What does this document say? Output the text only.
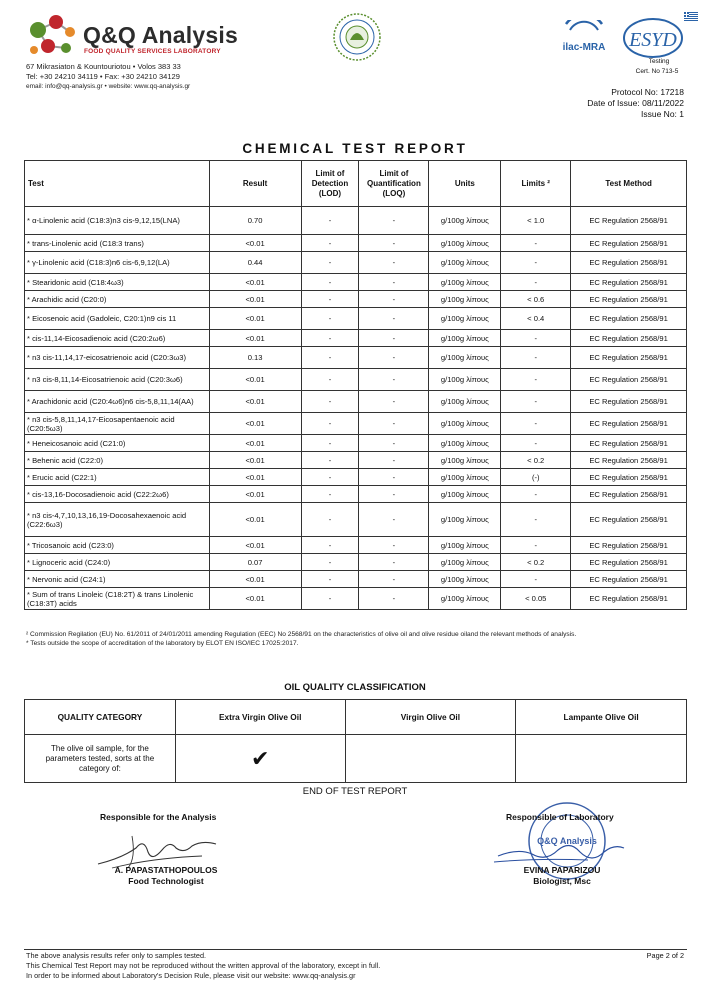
Q&Q Analysis
FOOD QUALITY SERVICES LABORATORY
67 Mikrasiaton & Kountouriotou • Volos 383 33
Tel: +30 24210 34119 • Fax: +30 24210 34129
email: info@qq-analysis.gr • website: www.qq-analysis.gr
ilac-MRA ESYD
Testing
Cert. No 713-5
Protocol No: 17218
Date of Issue: 08/11/2022
Issue No: 1
CHEMICAL TEST REPORT
Test	Result	Limit of Detection (LOD)	Limit of Quantification (LOQ)	Units	Limits ²	Test Method
* α-Linolenic acid (C18:3)n3 cis-9,12,15(LNA)	0.70	-	-	g/100g λίπους	< 1.0	EC Regulation 2568/91
* trans-Linolenic acid (C18:3 trans)	<0.01	-	-	g/100g λίπους	-	EC Regulation 2568/91
* γ-Linolenic acid (C18:3)n6 cis-6,9,12(LA)	0.44	-	-	g/100g λίπους	-	EC Regulation 2568/91
* Stearidonic acid (C18:4ω3)	<0.01	-	-	g/100g λίπους	-	EC Regulation 2568/91
* Arachidic acid (C20:0)	<0.01	-	-	g/100g λίπους	< 0.6	EC Regulation 2568/91
* Eicosenoic acid (Gadoleic, C20:1)n9 cis 11	<0.01	-	-	g/100g λίπους	< 0.4	EC Regulation 2568/91
* cis-11,14-Eicosadienoic acid (C20:2ω6)	<0.01	-	-	g/100g λίπους	-	EC Regulation 2568/91
* n3 cis-11,14,17-eicosatrienoic acid (C20:3ω3)	0.13	-	-	g/100g λίπους	-	EC Regulation 2568/91
* n3 cis-8,11,14-Eicosatrienoic acid (C20:3ω6)	<0.01	-	-	g/100g λίπους	-	EC Regulation 2568/91
* Arachidonic acid (C20:4ω6)n6 cis-5,8,11,14(AA)	<0.01	-	-	g/100g λίπους	-	EC Regulation 2568/91
* n3 cis-5,8,11,14,17-Eicosapentaenoic acid (C20:5ω3)	<0.01	-	-	g/100g λίπους	-	EC Regulation 2568/91
* Heneicosanoic acid (C21:0)	<0.01	-	-	g/100g λίπους	-	EC Regulation 2568/91
* Behenic acid (C22:0)	<0.01	-	-	g/100g λίπους	< 0.2	EC Regulation 2568/91
* Erucic acid (C22:1)	<0.01	-	-	g/100g λίπους	(-)	EC Regulation 2568/91
* cis-13,16-Docosadienoic acid (C22:2ω6)	<0.01	-	-	g/100g λίπους	-	EC Regulation 2568/91
* n3 cis-4,7,10,13,16,19-Docosahexaenoic acid (C22:6ω3)	<0.01	-	-	g/100g λίπους	-	EC Regulation 2568/91
* Tricosanoic acid (C23:0)	<0.01	-	-	g/100g λίπους	-	EC Regulation 2568/91
* Lignoceric acid (C24:0)	0.07	-	-	g/100g λίπους	< 0.2	EC Regulation 2568/91
* Nervonic acid (C24:1)	<0.01	-	-	g/100g λίπους	-	EC Regulation 2568/91
* Sum of trans Linoleic (C18:2T) & trans Linolenic (C18:3T) acids	<0.01	-	-	g/100g λίπους	< 0.05	EC Regulation 2568/91
² Commission Regilation (EU) No. 61/2011 of 24/01/2011 amending Regulation (EEC) No 2568/91 on the characteristics of olive oil and olive residue oiland the relevant methods of analysis.
* Tests outside the scope of accreditation of the laboratory by ELOT EN ISO/IEC 17025:2017.
OIL QUALITY CLASSIFICATION
QUALITY CATEGORY	Extra Virgin Olive Oil	Virgin Olive Oil	Lampante Olive Oil
The olive oil sample, for the parameters tested, sorts at the category of:	✔		
END OF TEST REPORT
Responsible for the Analysis
A. PAPASTATHOPOULOS
Food Technologist
Q&Q Analysis
Responsible of Laboratory
EVINA PAPARIZOU
Biologist, Msc
The above analysis results refer only to samples tested.
This Chemical Test Report may not be reproduced without the written approval of the laboratory, except in full.
In order to be informed about Laboratory's Decision Rule, please visit our website: www.qq-analysis.gr
Page 2 of 2
